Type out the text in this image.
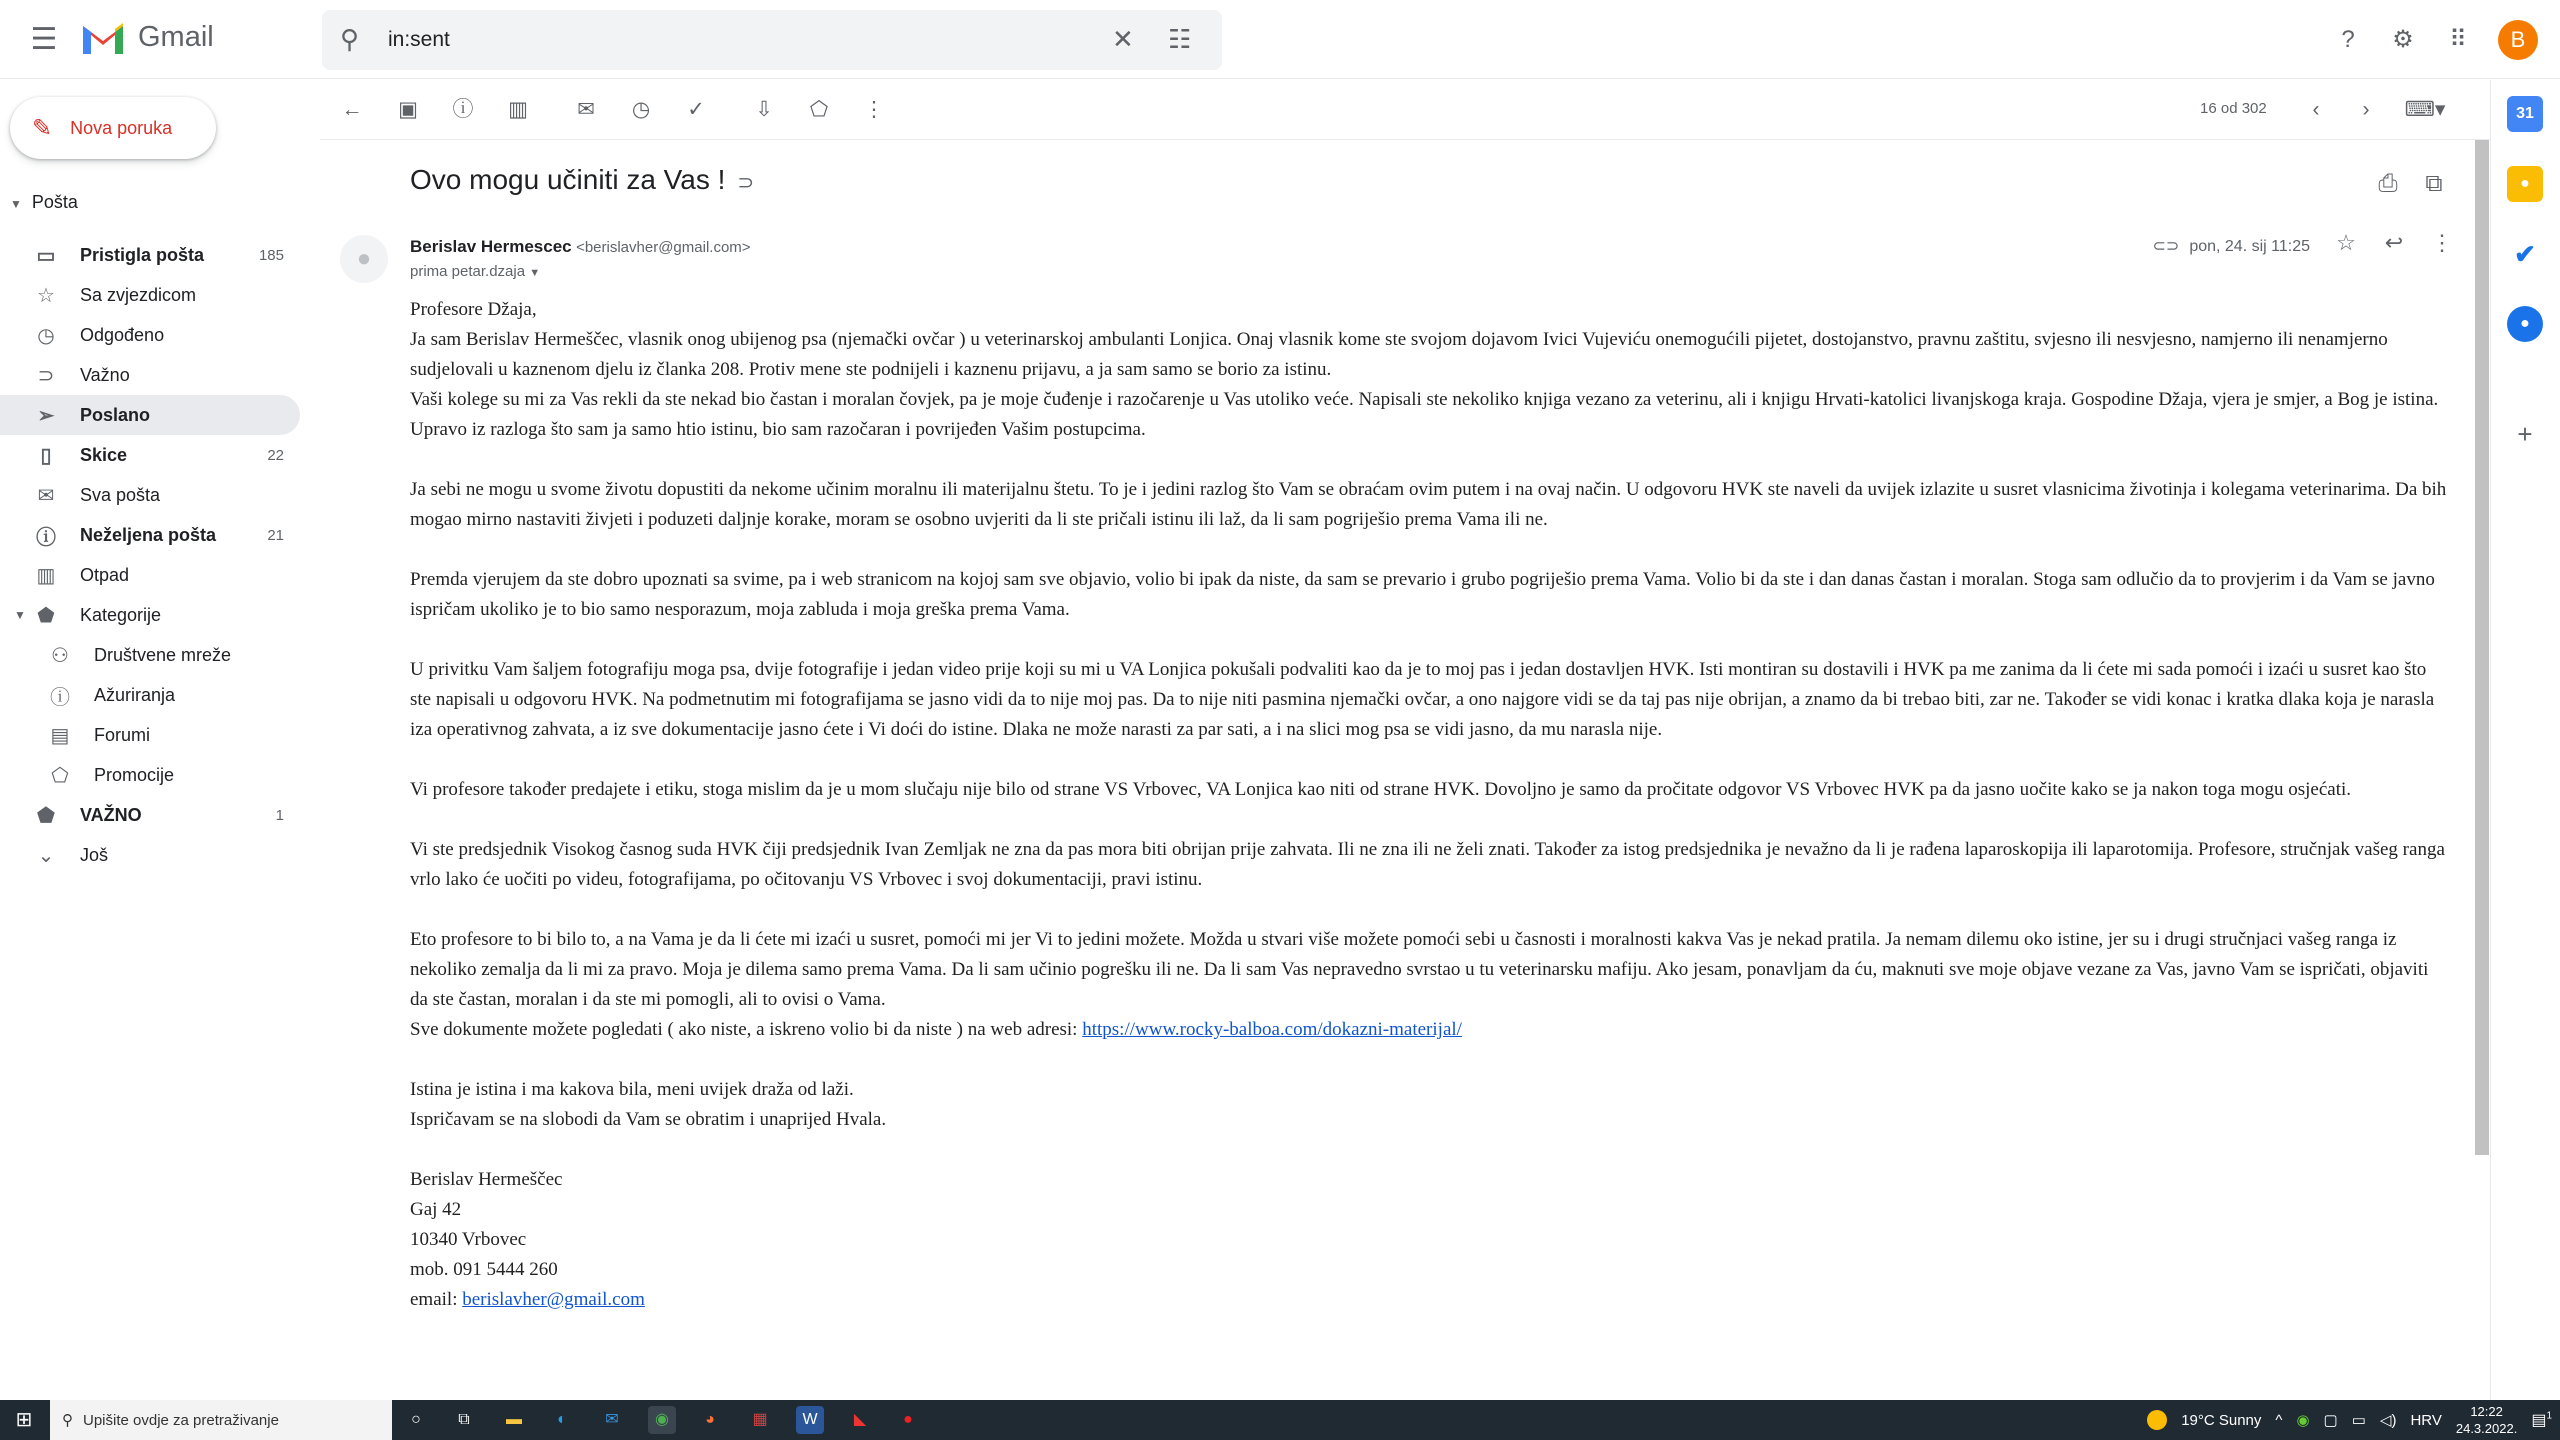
☰	Gmail	⚲
in:sent	✕ ☷	?	⚙	⠿	B
✎ Nova poruka
▼ Pošta
▭ Pristigla pošta	185
☆ Sa zvjezdicom
◷ Odgođeno
⊃ Važno
➢ Poslano
▯	Skice	22
✉ Sva pošta
ⓘ Neželjena pošta	21
▥ Otpad
▼ ⬟ Kategorije
⚇ Društvene mreže
ⓘ Ažuriranja
▤ Forumi
⬠ Promocije
⬟ VAŽNO	1
⌄ Još
← ▣ ⓘ ▥	✉	◷	✓	⇩	⬠	⋮	16 od 302	‹	›	⌨▾
Ovo mogu učiniti za Vas ! ⊃	⎙	⧉
●	Berislav Hermescec <berislavher@gmail.com>
prima petar.dzaja ▼
⊂⊃ pon, 24. sij 11:25 ☆	↩	⋮

Profesore Džaja,
Ja sam Berislav Hermeščec, vlasnik onog ubijenog psa (njemački ovčar ) u veterinarskoj ambulanti Lonjica. Onaj vlasnik kome ste svojom dojavom Ivici Vujeviću onemogućili pijetet, dostojanstvo, pravnu zaštitu, svjesno ili nesvjesno, namjerno ili nenamjerno sudjelovali u kaznenom djelu iz članka 208. Protiv mene ste podnijeli i kaznenu prijavu, a ja sam samo se borio za istinu.
Vaši kolege su mi za Vas rekli da ste nekad bio častan i moralan čovjek, pa je moje čuđenje i razočarenje u Vas utoliko veće. Napisali ste nekoliko knjiga vezano za veterinu, ali i knjigu Hrvati-katolici livanjskoga kraja. Gospodine Džaja, vjera je smjer, a Bog je istina.
Upravo iz razloga što sam ja samo htio istinu, bio sam razočaran i povrijeđen Vašim postupcima.

Ja sebi ne mogu u svome životu dopustiti da nekome učinim moralnu ili materijalnu štetu. To je i jedini razlog što Vam se obraćam ovim putem i na ovaj način. U odgovoru HVK ste naveli da uvijek izlazite u susret vlasnicima životinja i kolegama veterinarima. Da bih mogao mirno nastaviti živjeti i poduzeti daljnje korake, moram se osobno uvjeriti da li ste pričali istinu ili laž, da li sam pogriješio prema Vama ili ne.

Premda vjerujem da ste dobro upoznati sa svime, pa i web stranicom na kojoj sam sve objavio, volio bi ipak da niste, da sam se prevario i grubo pogriješio prema Vama. Volio bi da ste i dan danas častan i moralan. Stoga sam odlučio da to provjerim i da Vam se javno ispričam ukoliko je to bio samo nesporazum, moja zabluda i moja greška prema Vama.

U privitku Vam šaljem fotografiju moga psa, dvije fotografije i jedan video prije koji su mi u VA Lonjica pokušali podvaliti kao da je to moj pas i jedan dostavljen HVK. Isti montiran su dostavili i HVK pa me zanima da li ćete mi sada pomoći i izaći u susret kao što ste napisali u odgovoru HVK. Na podmetnutim mi fotografijama se jasno vidi da to nije moj pas. Da to nije niti pasmina njemački ovčar, a ono najgore vidi se da taj pas nije obrijan, a znamo da bi trebao biti, zar ne. Također se vidi konac i kratka dlaka koja je narasla iza operativnog zahvata, a iz sve dokumentacije jasno ćete i Vi doći do istine. Dlaka ne može narasti za par sati, a i na slici mog psa se vidi jasno, da mu narasla nije.

Vi profesore također predajete i etiku, stoga mislim da je u mom slučaju nije bilo od strane VS Vrbovec, VA Lonjica kao niti od strane HVK. Dovoljno je samo da pročitate odgovor VS Vrbovec HVK pa da jasno uočite kako se ja nakon toga mogu osjećati.

Vi ste predsjednik Visokog časnog suda HVK čiji predsjednik Ivan Zemljak ne zna da pas mora biti obrijan prije zahvata. Ili ne zna ili ne želi znati. Također za istog predsjednika je nevažno da li je rađena laparoskopija ili laparotomija. Profesore, stručnjak vašeg ranga vrlo lako će uočiti po videu, fotografijama, po očitovanju VS Vrbovec i svoj dokumentaciji, pravi istinu.

Eto profesore to bi bilo to, a na Vama je da li ćete mi izaći u susret, pomoći mi jer Vi to jedini možete. Možda u stvari više možete pomoći sebi u časnosti i moralnosti kakva Vas je nekad pratila. Ja nemam dilemu oko istine, jer su i drugi stručnjaci vašeg ranga iz nekoliko zemalja da li mi za pravo. Moja je dilema samo prema Vama. Da li sam učinio pogrešku ili ne. Da li sam Vas nepravedno svrstao u tu veterinarsku mafiju. Ako jesam, ponavljam da ću, maknuti sve moje objave vezane za Vas, javno Vam se ispričati, objaviti da ste častan, moralan i da ste mi pomogli, ali to ovisi o Vama.
Sve dokumente možete pogledati ( ako niste, a iskreno volio bi da niste ) na web adresi: https://www.rocky-balboa.com/dokazni-materijal/

Istina je istina i ma kakova bila, meni uvijek draža od laži.
Ispričavam se na slobodi da Vam se obratim i unaprijed Hvala.

Berislav Hermeščec
Gaj 42
10340 Vrbovec
mob. 091 5444 260
email: berislavher@gmail.com

31
●
✔
●
+
⊞	⚲ Upišite ovdje za pretraživanje	○	⧉	▬	◐	✉	◉	◕	▦	W	◣	●	19°C Sunny ^ ◉ ▢ ▭ ◁) HRV	12:22
24.3.2022. ▤$^1$
